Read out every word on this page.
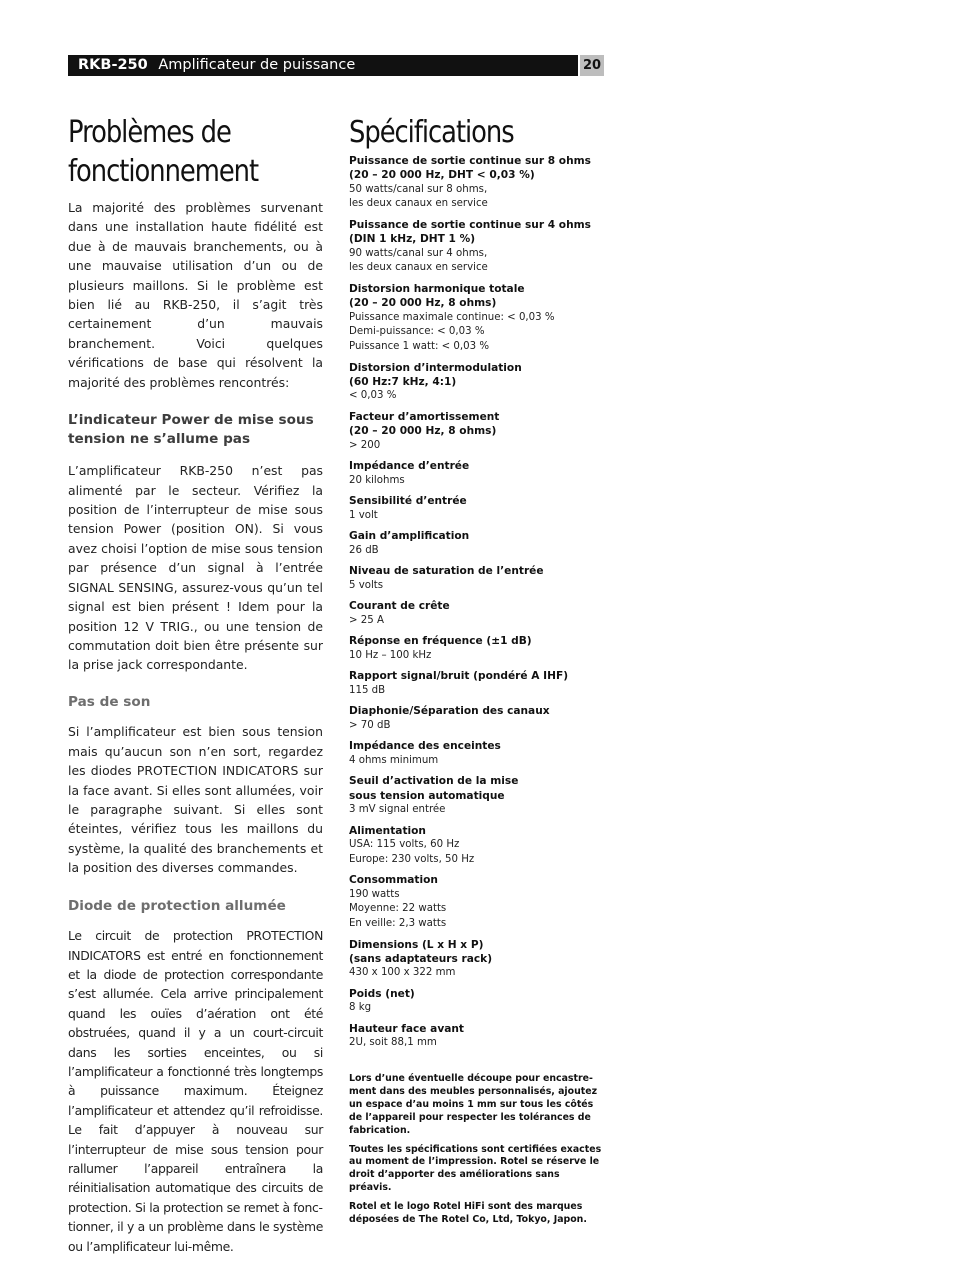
RKB-250 Amplificateur de puissance	20
Problèmes de
fonctionnement

La majorité des problèmes survenant dans une installation haute fidélité est due à de mauvais branchements, ou à une mauvaise utilisation d’un ou de plusieurs maillons. Si le problème est bien lié au RKB-250, il s’agit très certainement d’un mauvais branchement. Voici quelques vérifications de base qui résolvent la majorité des problèmes rencontrés:

L’indicateur Power de mise sous tension ne s’allume pas

L’amplificateur RKB-250 n’est pas alimenté par le secteur. Vérifiez la position de l’interrupteur de mise sous tension Power (position ON). Si vous avez choisi l’option de mise sous tension par présence d’un signal à l’entrée SIGNAL SENSING, assurez-vous qu’un tel signal est bien présent ! Idem pour la position 12 V TRIG., ou une tension de commutation doit bien être présente sur la prise jack correspondante.

Pas de son

Si l’amplificateur est bien sous tension mais qu’aucun son n’en sort, regardez les diodes PROTECTION INDICATORS sur la face avant. Si elles sont allumées, voir le paragraphe suivant. Si elles sont éteintes, vérifiez tous les maillons du système, la qualité des branchements et la position des diverses commandes.

Diode de protection allumée

Le circuit de protection PROTECTION INDICATORS est entré en fonctionnement et la diode de protection correspondante s’est allumée. Cela arrive principalement quand les ouïes d’aération ont été obstruées, quand il y a un court-circuit dans les sorties enceintes, ou si l’amplificateur a fonctionné très longtemps à puissance maximum. Éteignez l’amplificateur et attendez qu’il refroidisse. Le fait d’appuyer à nouveau sur l’interrupteur de mise sous tension pour rallumer l’appareil entraînera la réinitialisation automatique des circuits de protection. Si la protection se remet à fonctionner, il y a un problème dans le système ou l’amplificateur lui-même.

Spécifications
Puissance de sortie continue sur 8 ohms
(20 – 20 000 Hz, DHT < 0,03 %)
50 watts/canal sur 8 ohms,
les deux canaux en service
Puissance de sortie continue sur 4 ohms
(DIN 1 kHz, DHT 1 %)
90 watts/canal sur 4 ohms,
les deux canaux en service
Distorsion harmonique totale
(20 – 20 000 Hz, 8 ohms)
Puissance maximale continue: < 0,03 %
Demi-puissance: < 0,03 %
Puissance 1 watt: < 0,03 %
Distorsion d’intermodulation
(60 Hz:7 kHz, 4:1)
< 0,03 %
Facteur d’amortissement
(20 – 20 000 Hz, 8 ohms)
> 200
Impédance d’entrée
20 kilohms
Sensibilité d’entrée
1 volt
Gain d’amplification
26 dB
Niveau de saturation de l’entrée
5 volts
Courant de crête
> 25 A
Réponse en fréquence (±1 dB)
10 Hz – 100 kHz
Rapport signal/bruit (pondéré A IHF)
115 dB
Diaphonie/Séparation des canaux
> 70 dB
Impédance des enceintes
4 ohms minimum
Seuil d’activation de la mise
sous tension automatique
3 mV signal entrée
Alimentation
USA: 115 volts, 60 Hz
Europe: 230 volts, 50 Hz
Consommation
190 watts
Moyenne: 22 watts
En veille: 2,3 watts
Dimensions (L x H x P)
(sans adaptateurs rack)
430 x 100 x 322 mm
Poids (net)
8 kg
Hauteur face avant
2U, soit 88,1 mm
Lors d’une éventuelle découpe pour encastrement dans des meubles personnalisés, ajoutez un espace d’au moins 1 mm sur tous les côtés de l’appareil pour respecter les tolérances de fabrication.
Toutes les spécifications sont certifiées exactes au moment de l’impression. Rotel se réserve le droit d’apporter des améliorations sans préavis.
Rotel et le logo Rotel HiFi sont des marques déposées de The Rotel Co, Ltd, Tokyo, Japon.
